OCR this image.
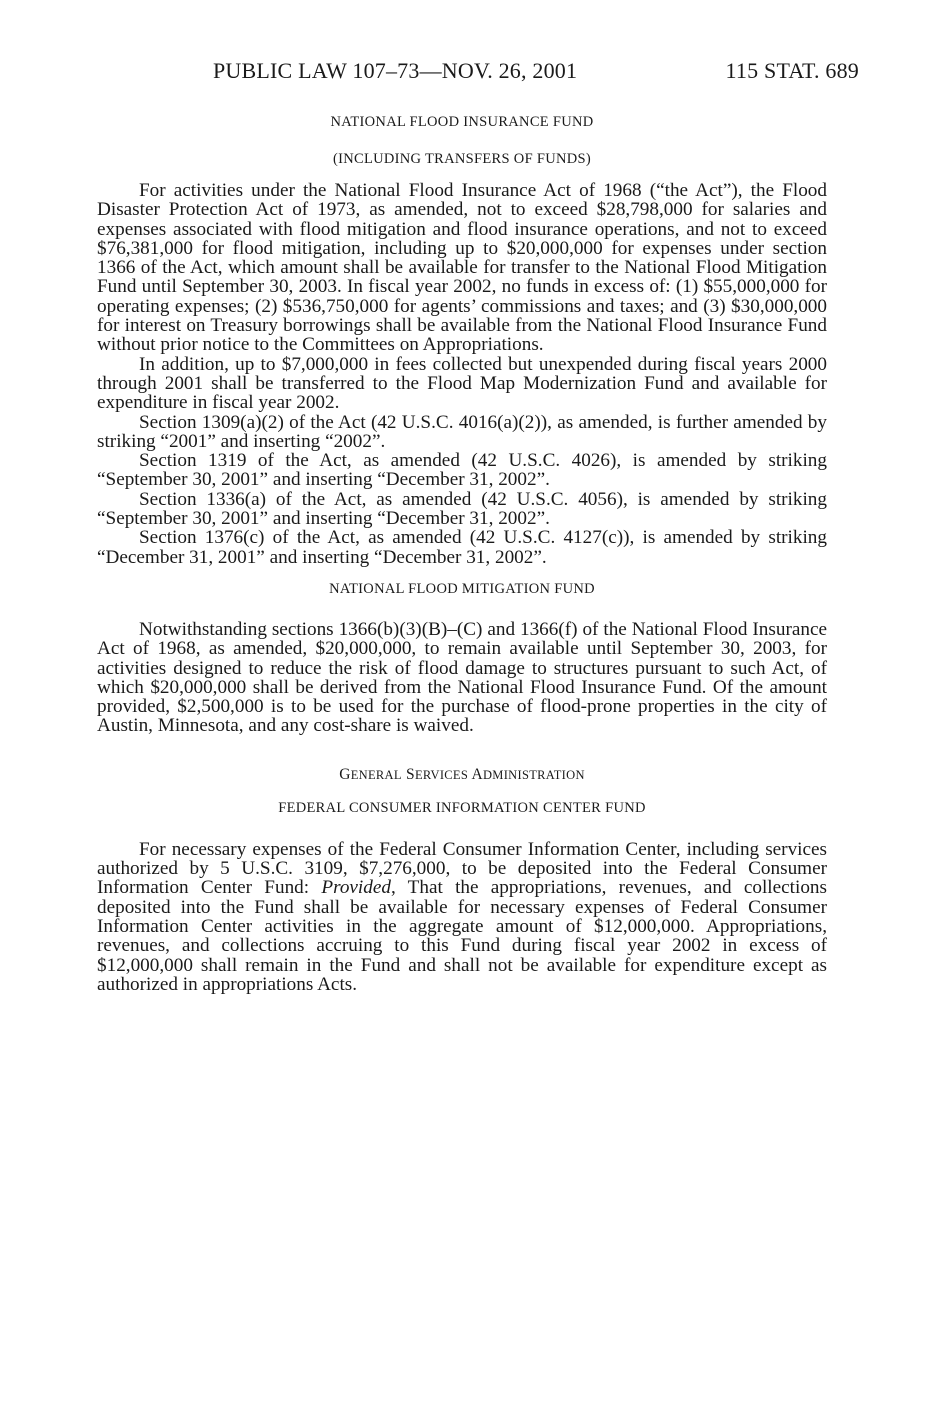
PUBLIC LAW 107–73—NOV. 26, 2001	115 STAT. 689

NATIONAL FLOOD INSURANCE FUND

(INCLUDING TRANSFERS OF FUNDS)

For activities under the National Flood Insurance Act of 1968 (“the Act”), the Flood Disaster Protection Act of 1973, as amended, not to exceed $28,798,000 for salaries and expenses associated with flood mitigation and flood insurance operations, and not to exceed $76,381,000 for flood mitigation, including up to $20,000,000 for expenses under section 1366 of the Act, which amount shall be available for transfer to the National Flood Mitigation Fund until September 30, 2003. In fiscal year 2002, no funds in excess of: (1) $55,000,000 for operating expenses; (2) $536,750,000 for agents’ commissions and taxes; and (3) $30,000,000 for interest on Treasury borrowings shall be available from the National Flood Insurance Fund without prior notice to the Committees on Appropriations.

In addition, up to $7,000,000 in fees collected but unexpended during fiscal years 2000 through 2001 shall be transferred to the Flood Map Modernization Fund and available for expenditure in fiscal year 2002.

Section 1309(a)(2) of the Act (42 U.S.C. 4016(a)(2)), as amended, is further amended by striking “2001” and inserting “2002”.

Section 1319 of the Act, as amended (42 U.S.C. 4026), is amended by striking “September 30, 2001” and inserting “December 31, 2002”.

Section 1336(a) of the Act, as amended (42 U.S.C. 4056), is amended by striking “September 30, 2001” and inserting “December 31, 2002”.

Section 1376(c) of the Act, as amended (42 U.S.C. 4127(c)), is amended by striking “December 31, 2001” and inserting “December 31, 2002”.

NATIONAL FLOOD MITIGATION FUND

Notwithstanding sections 1366(b)(3)(B)–(C) and 1366(f) of the National Flood Insurance Act of 1968, as amended, $20,000,000, to remain available until September 30, 2003, for activities designed to reduce the risk of flood damage to structures pursuant to such Act, of which $20,000,000 shall be derived from the National Flood Insurance Fund. Of the amount provided, $2,500,000 is to be used for the purchase of flood-prone properties in the city of Austin, Minnesota, and any cost-share is waived.

GENERAL SERVICES ADMINISTRATION

FEDERAL CONSUMER INFORMATION CENTER FUND

For necessary expenses of the Federal Consumer Information Center, including services authorized by 5 U.S.C. 3109, $7,276,000, to be deposited into the Federal Consumer Information Center Fund: Provided, That the appropriations, revenues, and collections deposited into the Fund shall be available for necessary expenses of Federal Consumer Information Center activities in the aggregate amount of $12,000,000. Appropriations, revenues, and collections accruing to this Fund during fiscal year 2002 in excess of $12,000,000 shall remain in the Fund and shall not be available for expenditure except as authorized in appropriations Acts.
